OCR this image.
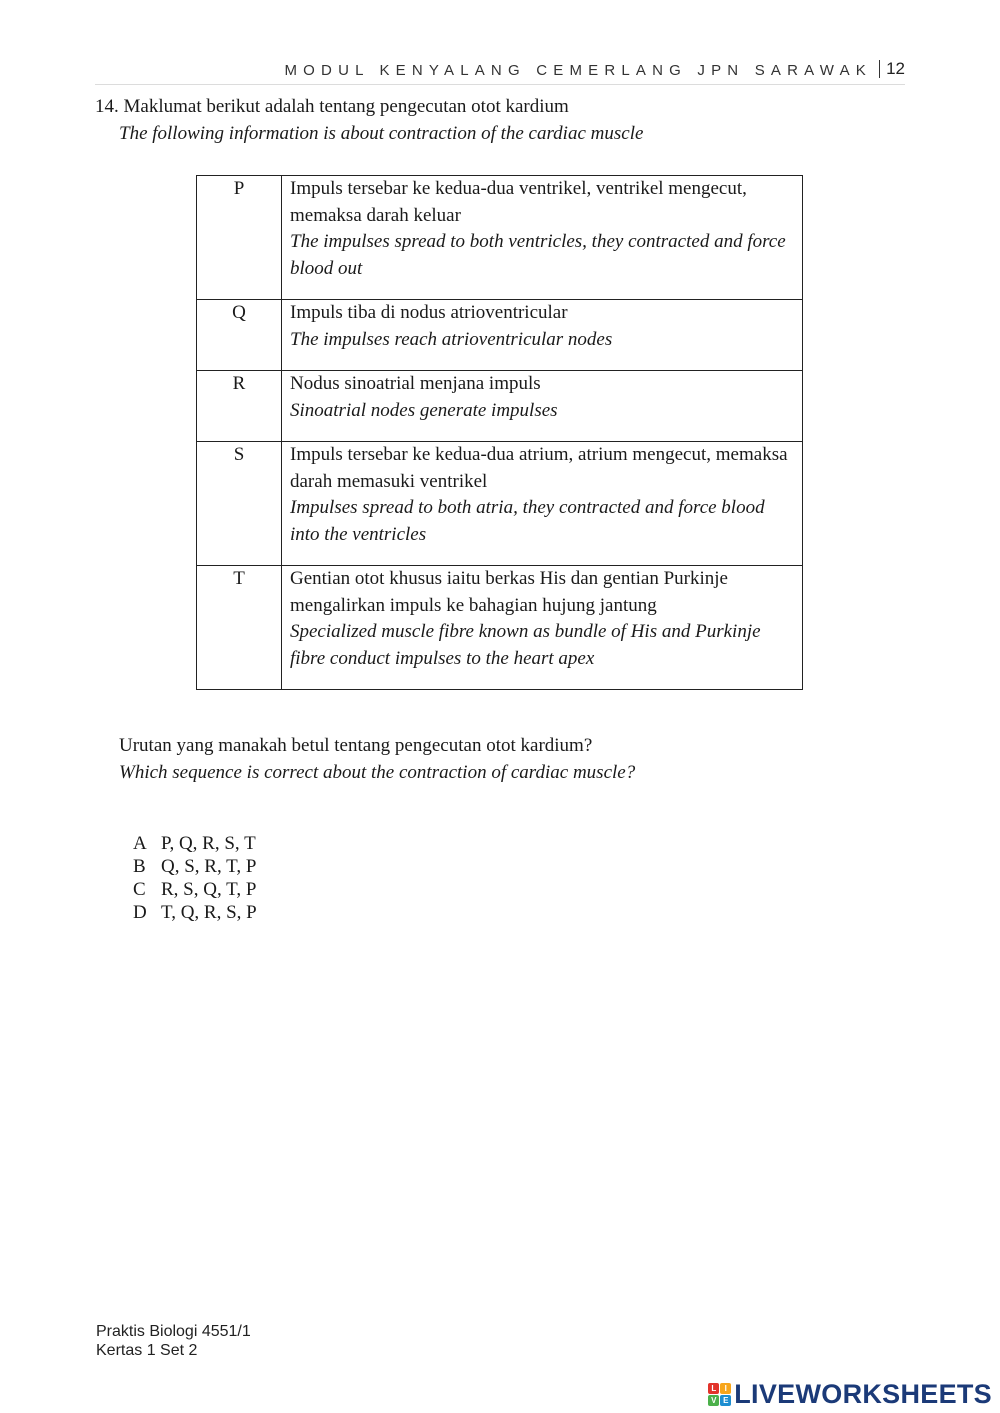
MODUL KENYALANG CEMERLANG JPN SARAWAK 12
14. Maklumat berikut adalah tentang pengecutan otot kardium
The following information is about contraction of the cardiac muscle
P	Impuls tersebar ke kedua-dua ventrikel, ventrikel mengecut, memaksa darah keluar
The impulses spread to both ventricles, they contracted and force blood out

Q	Impuls tiba di nodus atrioventricular
The impulses reach atrioventricular nodes

R	Nodus sinoatrial menjana impuls
Sinoatrial nodes generate impulses

S	Impuls tersebar ke kedua-dua atrium, atrium mengecut, memaksa darah memasuki ventrikel
Impulses spread to both atria, they contracted and force blood into the ventricles

T	Gentian otot khusus iaitu berkas His dan gentian Purkinje mengalirkan impuls ke bahagian hujung jantung
Specialized muscle fibre known as bundle of His and Purkinje fibre conduct impulses to the heart apex
Urutan yang manakah betul tentang pengecutan otot kardium?
Which sequence is correct about the contraction of cardiac muscle?
A P, Q, R, S, T
B Q, S, R, T, P
C R, S, Q, T, P
D T, Q, R, S, P
Praktis Biologi 4551/1
Kertas 1 Set 2
L	I
V E LIVEWORKSHEETS
